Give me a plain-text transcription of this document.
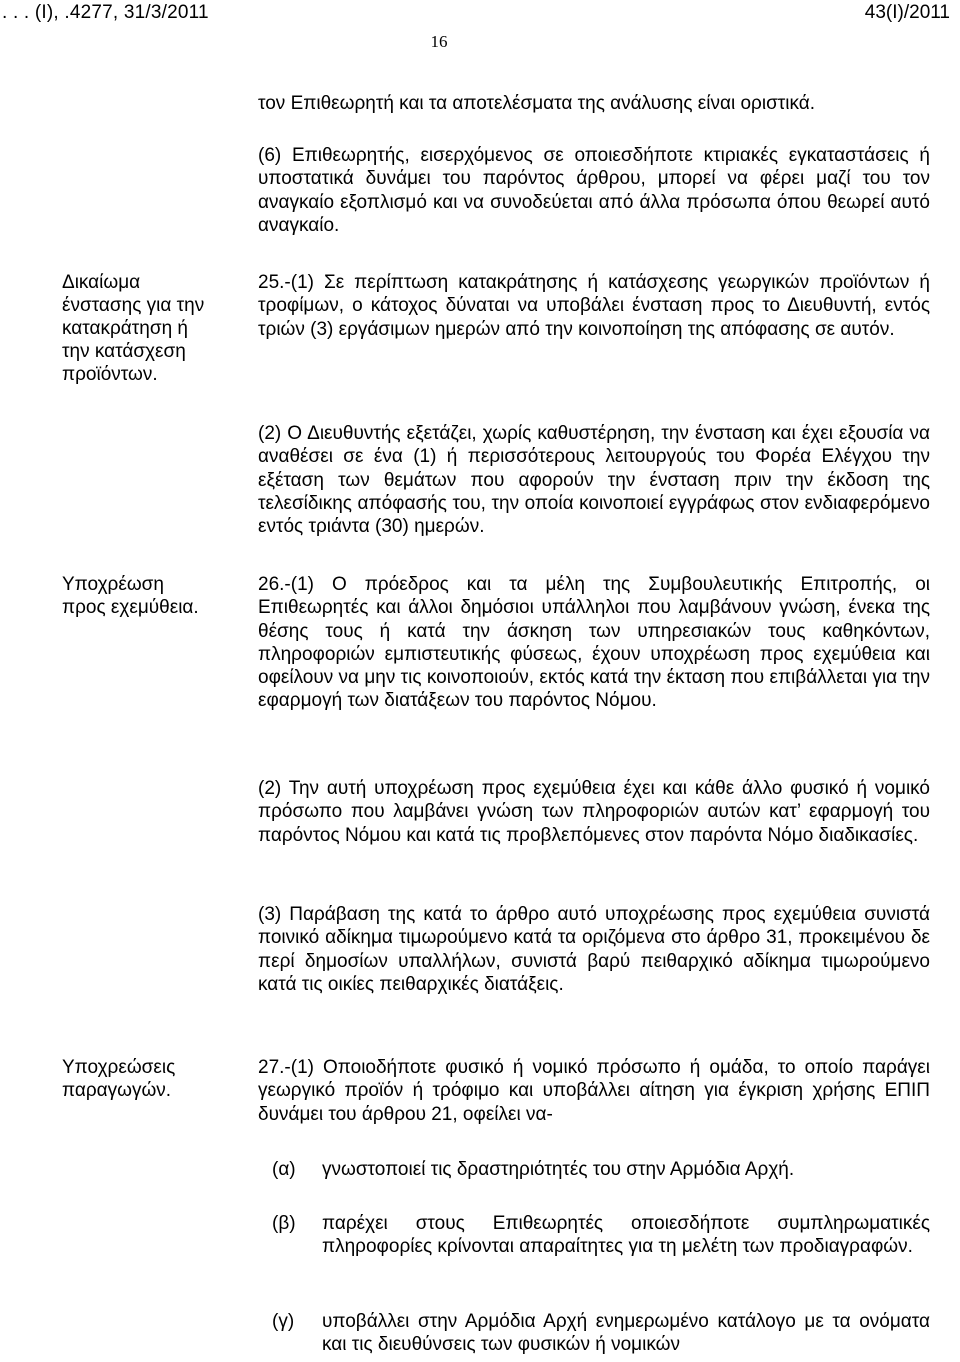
. . . (Ι), .4277, 31/3/2011	43(Ι)/2011
16
τον Επιθεωρητή και τα αποτελέσματα της ανάλυσης είναι οριστικά.
(6) Επιθεωρητής, εισερχόμενος σε οποιεσδήποτε κτιριακές εγκαταστάσεις ή υποστατικά δυνάμει του παρόντος άρθρου, μπορεί να φέρει μαζί του τον αναγκαίο εξοπλισμό και να συνοδεύεται από άλλα πρόσωπα όπου θεωρεί αυτό αναγκαίο.
Δικαίωμα
ένστασης για την
κατακράτηση ή
την κατάσχεση
προϊόντων.
25.-(1) Σε περίπτωση κατακράτησης ή κατάσχεσης γεωργικών προϊόντων ή τροφίμων, ο κάτοχος δύναται να υποβάλει ένσταση προς το Διευθυντή, εντός τριών (3) εργάσιμων ημερών από την κοινοποίηση της απόφασης σε αυτόν.
(2) Ο Διευθυντής εξετάζει, χωρίς καθυστέρηση, την ένσταση και έχει εξουσία να αναθέσει σε ένα (1) ή περισσότερους λειτουργούς του Φορέα Ελέγχου την εξέταση των θεμάτων που αφορούν την ένσταση πριν την έκδοση της τελεσίδικης απόφασής του, την οποία κοινοποιεί εγγράφως στον ενδιαφερόμενο εντός τριάντα (30) ημερών.
Υποχρέωση
προς εχεμύθεια.
26.-(1) Ο πρόεδρος και τα μέλη της Συμβουλευτικής Επιτροπής, οι Επιθεωρητές και άλλοι δημόσιοι υπάλληλοι που λαμβάνουν γνώση, ένεκα της θέσης τους ή κατά την άσκηση των υπηρεσιακών τους καθηκόντων, πληροφοριών εμπιστευτικής φύσεως, έχουν υποχρέωση προς εχεμύθεια και οφείλουν να μην τις κοινοποιούν, εκτός κατά την έκταση που επιβάλλεται για την εφαρμογή των διατάξεων του παρόντος Νόμου.
(2) Την αυτή υποχρέωση προς εχεμύθεια έχει και κάθε άλλο φυσικό ή νομικό πρόσωπο που λαμβάνει γνώση των πληροφοριών αυτών κατ’ εφαρμογή του παρόντος Νόμου και κατά τις προβλεπόμενες στον παρόντα Νόμο διαδικασίες.
(3) Παράβαση της κατά το άρθρο αυτό υποχρέωσης προς εχεμύθεια συνιστά ποινικό αδίκημα τιμωρούμενο κατά τα οριζόμενα στο άρθρο 31, προκειμένου δε περί δημοσίων υπαλλήλων, συνιστά βαρύ πειθαρχικό αδίκημα τιμωρούμενο κατά τις οικίες πειθαρχικές διατάξεις.
Υποχρεώσεις
παραγωγών.
27.-(1) Οποιοδήποτε φυσικό ή νομικό πρόσωπο ή ομάδα, το οποίο παράγει γεωργικό προϊόν ή τρόφιμο και υποβάλλει αίτηση για έγκριση χρήσης ΕΠΙΠ δυνάμει του άρθρου 21, οφείλει να-
(α) γνωστοποιεί τις δραστηριότητές του στην Αρμόδια Αρχή.
(β) παρέχει στους Επιθεωρητές οποιεσδήποτε συμπληρωματικές πληροφορίες κρίνονται απαραίτητες για τη μελέτη των προδιαγραφών.
(γ) υποβάλλει στην Αρμόδια Αρχή ενημερωμένο κατάλογο με τα ονόματα και τις διευθύνσεις των φυσικών ή νομικών
